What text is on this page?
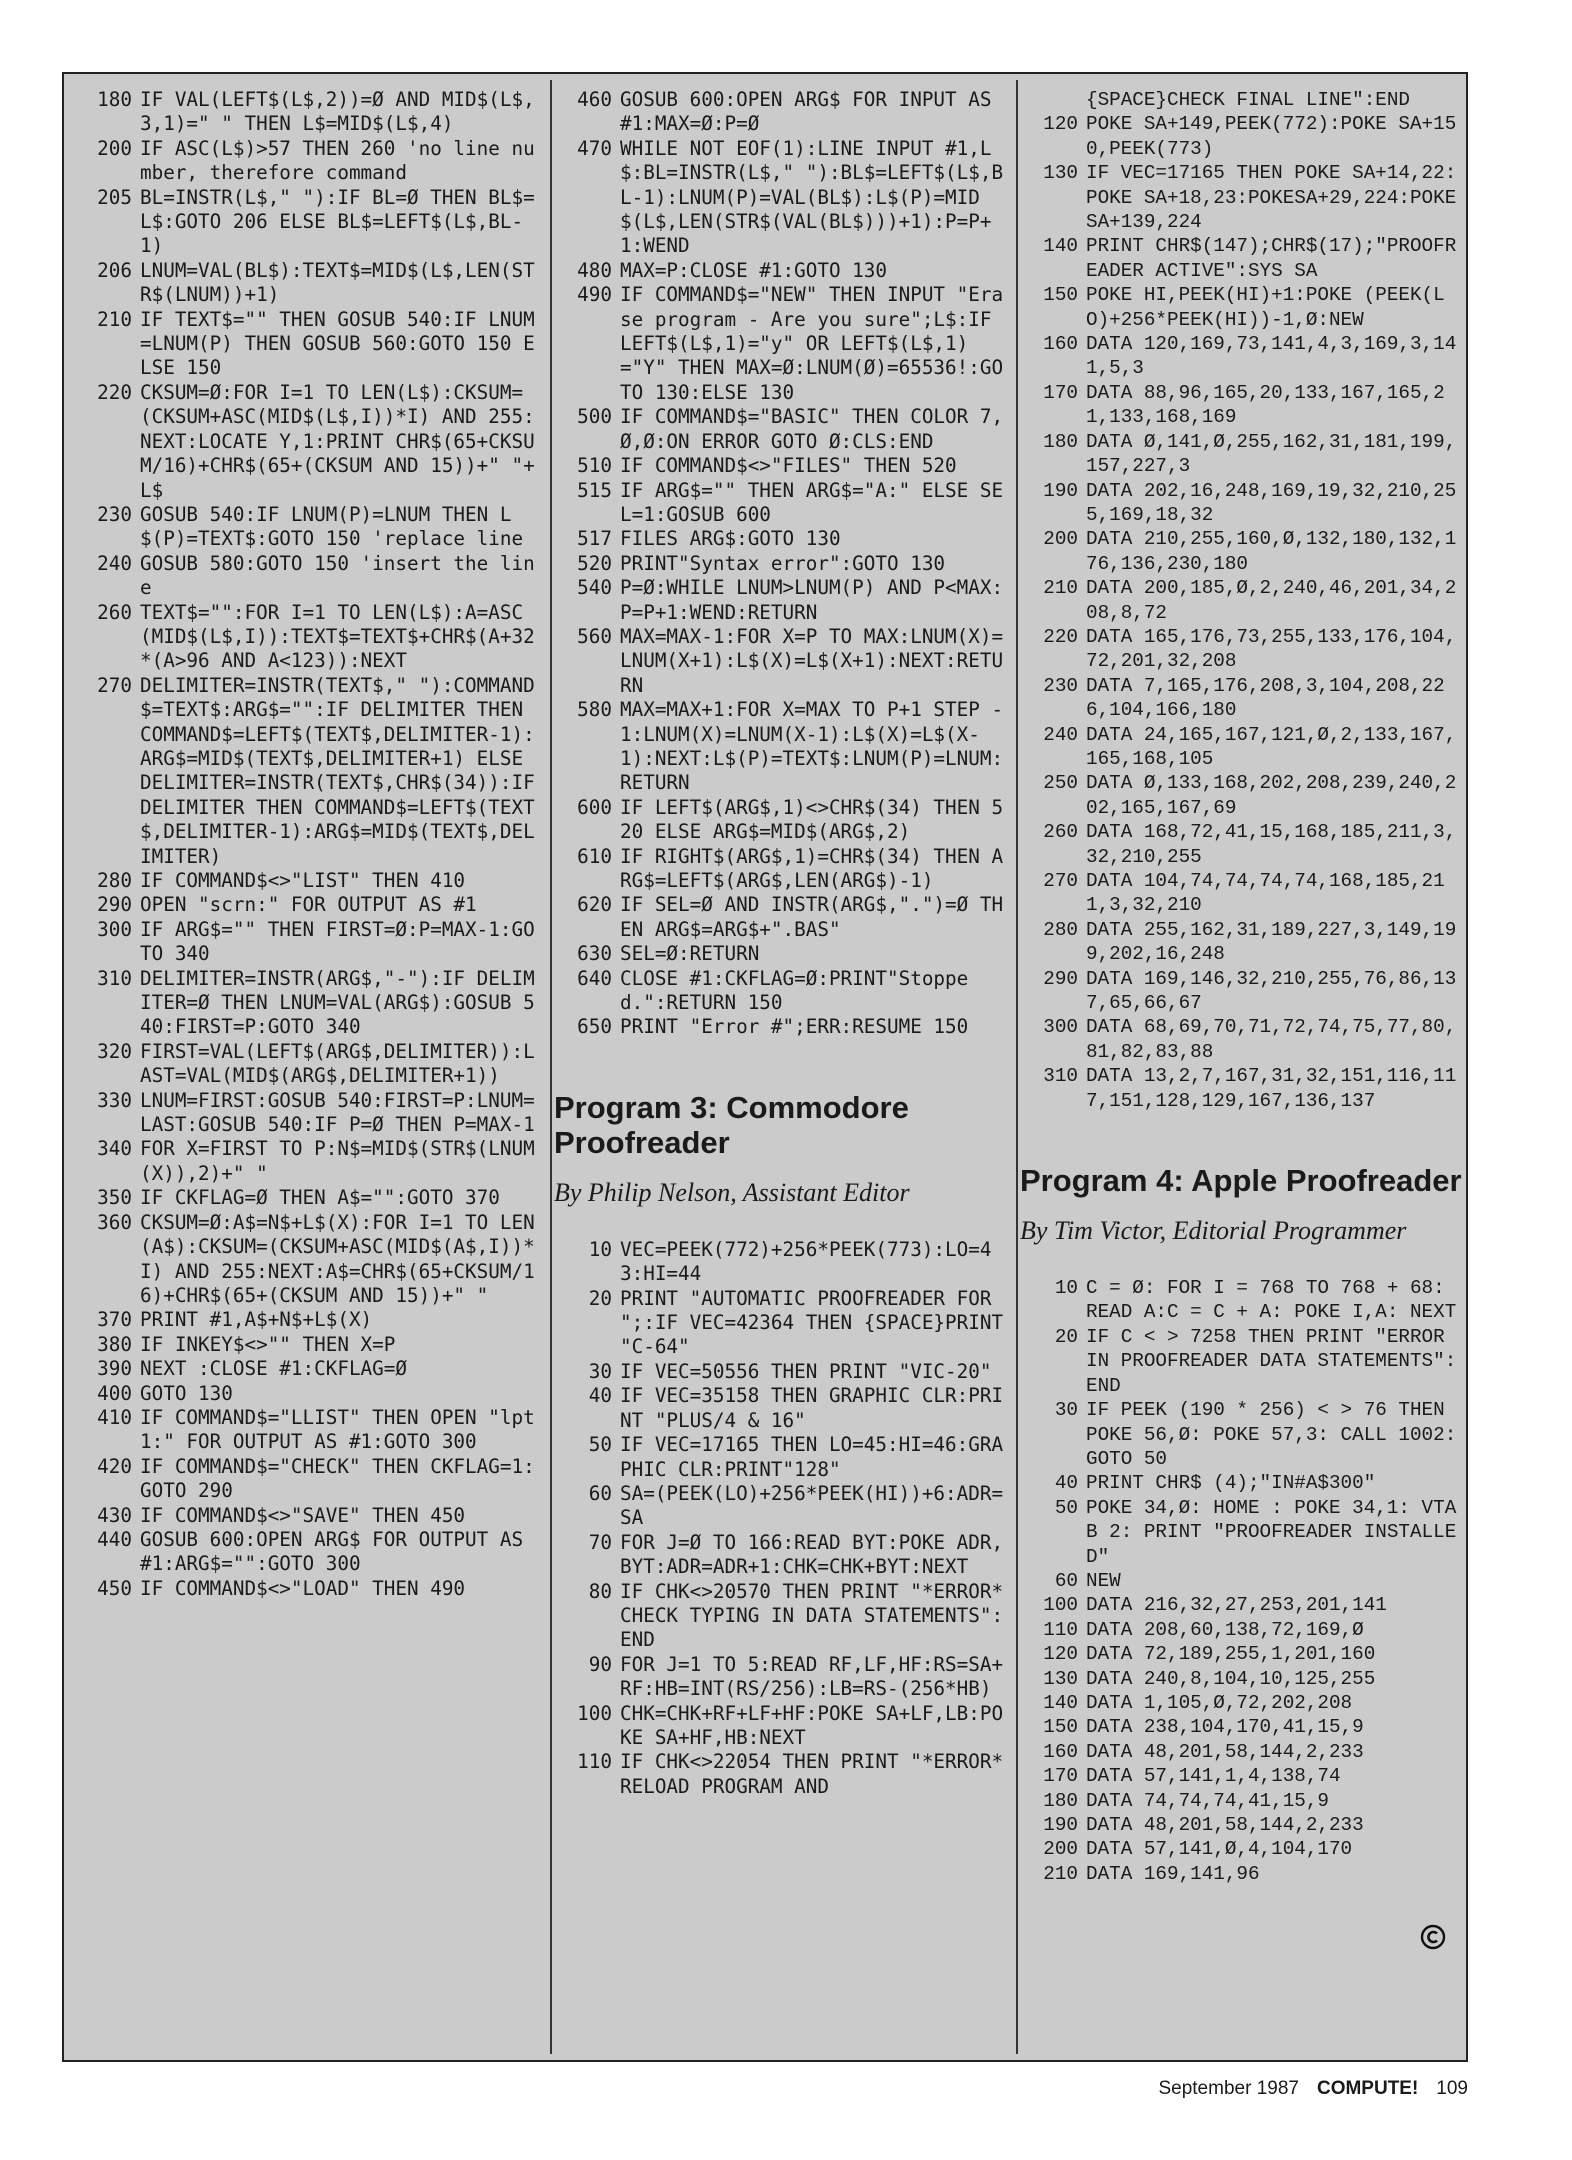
180 IF VAL(LEFT$(L$,2))=Ø AND MID$(L$,3,1)=" " THEN L$=MID$(L$,4)
200 IF ASC(L$)>57 THEN 260 'no line number, therefore command
205 BL=INSTR(L$," "):IF BL=Ø THEN BL$=L$:GOTO 206 ELSE BL$=LEFT$(L$,BL-1)
206 LNUM=VAL(BL$):TEXT$=MID$(L$,LEN(STR$(LNUM))+1)
210 IF TEXT$="" THEN GOSUB 540:IF LNUM=LNUM(P) THEN GOSUB 560:GOTO 150 ELSE 150
220 CKSUM=Ø:FOR I=1 TO LEN(L$):CKSUM=(CKSUM+ASC(MID$(L$,I))*I) AND 255:NEXT:LOCATE Y,1:PRINT CHR$(65+CKSUM/16)+CHR$(65+(CKSUM AND 15))+" "+L$
230 GOSUB 540:IF LNUM(P)=LNUM THEN L$(P)=TEXT$:GOTO 150 'replace line
240 GOSUB 580:GOTO 150 'insert the line
260 TEXT$="":FOR I=1 TO LEN(L$):A=ASC(MID$(L$,I)):TEXT$=TEXT$+CHR$(A+32*(A>96 AND A<123)):NEXT
270 DELIMITER=INSTR(TEXT$," "):COMMAND$=TEXT$:ARG$="":IF DELIMITER THEN COMMAND$=LEFT$(TEXT$,DELIMITER-1):ARG$=MID$(TEXT$,DELIMITER+1) ELSE DELIMITER=INSTR(TEXT$,CHR$(34)):IF DELIMITER THEN COMMAND$=LEFT$(TEXT$,DELIMITER-1):ARG$=MID$(TEXT$,DELIMITER)
280 IF COMMAND$<>"LIST" THEN 410
290 OPEN "scrn:" FOR OUTPUT AS #1
300 IF ARG$="" THEN FIRST=Ø:P=MAX-1:GOTO 340
310 DELIMITER=INSTR(ARG$,"-"):IF DELIMITER=Ø THEN LNUM=VAL(ARG$):GOSUB 540:FIRST=P:GOTO 340
320 FIRST=VAL(LEFT$(ARG$,DELIMITER)):LAST=VAL(MID$(ARG$,DELIMITER+1))
330 LNUM=FIRST:GOSUB 540:FIRST=P:LNUM=LAST:GOSUB 540:IF P=Ø THEN P=MAX-1
340 FOR X=FIRST TO P:N$=MID$(STR$(LNUM(X)),2)+" "
350 IF CKFLAG=Ø THEN A$="":GOTO 370
360 CKSUM=Ø:A$=N$+L$(X):FOR I=1 TO LEN(A$):CKSUM=(CKSUM+ASC(MID$(A$,I))*I) AND 255:NEXT:A$=CHR$(65+CKSUM/16)+CHR$(65+(CKSUM AND 15))+" "
370 PRINT #1,A$+N$+L$(X)
380 IF INKEY$<>"" THEN X=P
390 NEXT :CLOSE #1:CKFLAG=Ø
400 GOTO 130
410 IF COMMAND$="LLIST" THEN OPEN "lpt1:" FOR OUTPUT AS #1:GOTO 300
420 IF COMMAND$="CHECK" THEN CKFLAG=1:GOTO 290
430 IF COMMAND$<>"SAVE" THEN 450
440 GOSUB 600:OPEN ARG$ FOR OUTPUT AS #1:ARG$="":GOTO 300
450 IF COMMAND$<>"LOAD" THEN 490
460 GOSUB 600:OPEN ARG$ FOR INPUT AS #1:MAX=Ø:P=Ø
470 WHILE NOT EOF(1):LINE INPUT #1,L$:BL=INSTR(L$," "):BL$=LEFT$(L$,BL-1):LNUM(P)=VAL(BL$):L$(P)=MID$(L$,LEN(STR$(VAL(BL$)))+1):P=P+1:WEND
480 MAX=P:CLOSE #1:GOTO 130
490 IF COMMAND$="NEW" THEN INPUT "Erase program - Are you sure";L$:IF LEFT$(L$,1)="y" OR LEFT$(L$,1)="Y" THEN MAX=Ø:LNUM(Ø)=65536!:GOTO 130:ELSE 130
500 IF COMMAND$="BASIC" THEN COLOR 7,Ø,Ø:ON ERROR GOTO Ø:CLS:END
510 IF COMMAND$<>"FILES" THEN 520
515 IF ARG$="" THEN ARG$="A:" ELSE SEL=1:GOSUB 600
517 FILES ARG$:GOTO 130
520 PRINT"Syntax error":GOTO 130
540 P=Ø:WHILE LNUM>LNUM(P) AND P<MAX:P=P+1:WEND:RETURN
560 MAX=MAX-1:FOR X=P TO MAX:LNUM(X)=LNUM(X+1):L$(X)=L$(X+1):NEXT:RETURN
580 MAX=MAX+1:FOR X=MAX TO P+1 STEP -1:LNUM(X)=LNUM(X-1):L$(X)=L$(X-1):NEXT:L$(P)=TEXT$:LNUM(P)=LNUM:RETURN
600 IF LEFT$(ARG$,1)<>CHR$(34) THEN 520 ELSE ARG$=MID$(ARG$,2)
610 IF RIGHT$(ARG$,1)=CHR$(34) THEN ARG$=LEFT$(ARG$,LEN(ARG$)-1)
620 IF SEL=Ø AND INSTR(ARG$,".")=Ø THEN ARG$=ARG$+".BAS"
630 SEL=Ø:RETURN
640 CLOSE #1:CKFLAG=Ø:PRINT"Stopped.":RETURN 150
650 PRINT "Error #";ERR:RESUME 150
Program 3: Commodore Proofreader
By Philip Nelson, Assistant Editor
10 VEC=PEEK(772)+256*PEEK(773):LO=43:HI=44
20 PRINT "AUTOMATIC PROOFREADER FOR ";:IF VEC=42364 THEN {SPACE}PRINT "C-64"
30 IF VEC=50556 THEN PRINT "VIC-20"
40 IF VEC=35158 THEN GRAPHIC CLR:PRINT "PLUS/4 & 16"
50 IF VEC=17165 THEN LO=45:HI=46:GRAPHIC CLR:PRINT"128"
60 SA=(PEEK(LO)+256*PEEK(HI))+6:ADR=SA
70 FOR J=Ø TO 166:READ BYT:POKE ADR,BYT:ADR=ADR+1:CHK=CHK+BYT:NEXT
80 IF CHK<>20570 THEN PRINT "*ERROR* CHECK TYPING IN DATA STATEMENTS":END
90 FOR J=1 TO 5:READ RF,LF,HF:RS=SA+RF:HB=INT(RS/256):LB=RS-(256*HB)
100 CHK=CHK+RF+LF+HF:POKE SA+LF,LB:POKE SA+HF,HB:NEXT
110 IF CHK<>22054 THEN PRINT "*ERROR* RELOAD PROGRAM AND
{SPACE}CHECK FINAL LINE":END
120 POKE SA+149,PEEK(772):POKE SA+150,PEEK(773)
130 IF VEC=17165 THEN POKE SA+14,22:POKE SA+18,23:POKESA+29,224:POKESA+139,224
140 PRINT CHR$(147);CHR$(17);"PROOFREADER ACTIVE":SYS SA
150 POKE HI,PEEK(HI)+1:POKE (PEEK(LO)+256*PEEK(HI))-1,Ø:NEW
160 DATA 120,169,73,141,4,3,169,3,141,5,3
170 DATA 88,96,165,20,133,167,165,21,133,168,169
180 DATA Ø,141,Ø,255,162,31,181,199,157,227,3
190 DATA 202,16,248,169,19,32,210,255,169,18,32
200 DATA 210,255,160,Ø,132,180,132,176,136,230,180
210 DATA 200,185,Ø,2,240,46,201,34,208,8,72
220 DATA 165,176,73,255,133,176,104,72,201,32,208
230 DATA 7,165,176,208,3,104,208,226,104,166,180
240 DATA 24,165,167,121,Ø,2,133,167,165,168,105
250 DATA Ø,133,168,202,208,239,240,202,165,167,69
260 DATA 168,72,41,15,168,185,211,3,32,210,255
270 DATA 104,74,74,74,74,168,185,211,3,32,210
280 DATA 255,162,31,189,227,3,149,199,202,16,248
290 DATA 169,146,32,210,255,76,86,137,65,66,67
300 DATA 68,69,70,71,72,74,75,77,80,81,82,83,88
310 DATA 13,2,7,167,31,32,151,116,117,151,128,129,167,136,137
Program 4: Apple Proofreader
By Tim Victor, Editorial Programmer
10 C = Ø: FOR I = 768 TO 768 + 68: READ A:C = C + A: POKE I,A: NEXT
20 IF C < > 7258 THEN PRINT "ERROR IN PROOFREADER DATA STATEMENTS": END
30 IF PEEK (190 * 256) < > 76 THEN POKE 56,Ø: POKE 57,3: CALL 1002: GOTO 50
40 PRINT CHR$ (4);"IN#A$300"
50 POKE 34,Ø: HOME : POKE 34,1: VTAB 2: PRINT "PROOFREADER INSTALLED"
60 NEW
100 DATA 216,32,27,253,201,141
110 DATA 208,60,138,72,169,Ø
120 DATA 72,189,255,1,201,160
130 DATA 240,8,104,10,125,255
140 DATA 1,105,Ø,72,202,208
150 DATA 238,104,170,41,15,9
160 DATA 48,201,58,144,2,233
170 DATA 57,141,1,4,138,74
180 DATA 74,74,74,41,15,9
190 DATA 48,201,58,144,2,233
200 DATA 57,141,Ø,4,104,170
210 DATA 169,141,96
September 1987 COMPUTE! 109
